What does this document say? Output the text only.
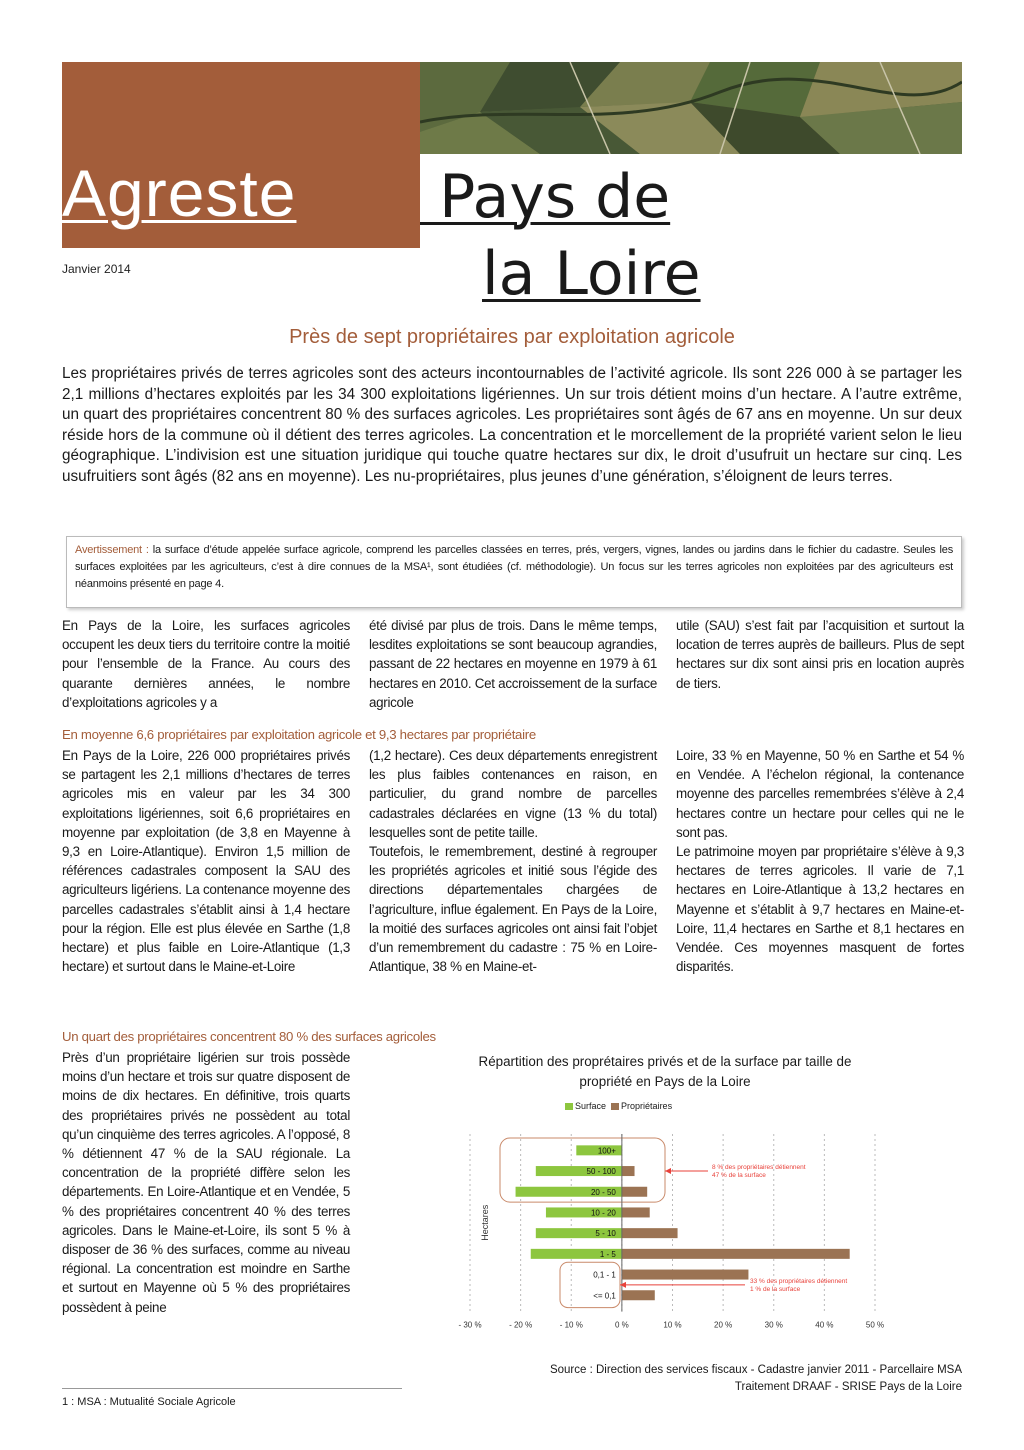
Agreste	Pays de
la Loire
Janvier 2014
Près de sept propriétaires par exploitation agricole
Les propriétaires privés de terres agricoles sont des acteurs incontournables de l’activité agricole. Ils sont 226 000 à se partager les 2,1 millions d’hectares exploités par les 34 300 exploitations ligériennes. Un sur trois détient moins d’un hectare. A l’autre extrême, un quart des propriétaires concentrent 80 % des surfaces agricoles. Les propriétaires sont âgés de 67 ans en moyenne. Un sur deux réside hors de la commune où il détient des terres agricoles. La concentration et le morcellement de la propriété varient selon le lieu géographique. L’indivision est une situation juridique qui touche quatre hectares sur dix, le droit d’usufruit un hectare sur cinq. Les usufruitiers sont âgés (82 ans en moyenne). Les nu-propriétaires, plus jeunes d’une génération, s’éloignent de leurs terres.
Avertissement : la surface d’étude appelée surface agricole, comprend les parcelles classées en terres, prés, vergers, vignes, landes ou jardins dans le fichier du cadastre. Seules les surfaces exploitées par les agriculteurs, c’est à dire connues de la MSA¹, sont étudiées (cf. méthodologie). Un focus sur les terres agricoles non exploitées par des agriculteurs est néanmoins présenté en page 4.
En Pays de la Loire, les surfaces agricoles occupent les deux tiers du territoire contre la moitié pour l’ensemble de la France. Au cours des quarante dernières années, le nombre d’exploitations agricoles y a
été divisé par plus de trois. Dans le même temps, lesdites exploitations se sont beaucoup agrandies, passant de 22 hectares en moyenne en 1979 à 61 hectares en 2010. Cet accroissement de la surface agricole
utile (SAU) s’est fait par l’acquisition et surtout la location de terres auprès de bailleurs. Plus de sept hectares sur dix sont ainsi pris en location auprès de tiers.
En moyenne 6,6 propriétaires par exploitation agricole et 9,3 hectares par propriétaire
En Pays de la Loire, 226 000 propriétaires privés se partagent les 2,1 millions d’hectares de terres agricoles mis en valeur par les 34 300 exploitations ligériennes, soit 6,6 propriétaires en moyenne par exploitation (de 3,8 en Mayenne à 9,3 en Loire-Atlantique). Environ 1,5 million de références cadastrales composent la SAU des agriculteurs ligériens. La contenance moyenne des parcelles cadastrales s’établit ainsi à 1,4 hectare pour la région. Elle est plus élevée en Sarthe (1,8 hectare) et plus faible en Loire-Atlantique (1,3 hectare) et surtout dans le Maine-et-Loire
(1,2 hectare). Ces deux départements enregistrent les plus faibles contenances en raison, en particulier, du grand nombre de parcelles cadastrales déclarées en vigne (13 % du total) lesquelles sont de petite taille.
Toutefois, le remembrement, destiné à regrouper les propriétés agricoles et initié sous l’égide des directions départementales chargées de l’agriculture, influe également. En Pays de la Loire, la moitié des surfaces agricoles ont ainsi fait l’objet d’un remembrement du cadastre : 75 % en Loire-Atlantique, 38 % en Maine-et-
Loire, 33 % en Mayenne, 50 % en Sarthe et 54 % en Vendée. A l’échelon régional, la contenance moyenne des parcelles remembrées s’élève à 2,4 hectares contre un hectare pour celles qui ne le sont pas.
Le patrimoine moyen par propriétaire s’élève à 9,3 hectares de terres agricoles. Il varie de 7,1 hectares en Loire-Atlantique à 13,2 hectares en Mayenne et s’établit à 9,7 hectares en Maine-et-Loire, 11,4 hectares en Sarthe et 8,1 hectares en Vendée. Ces moyennes masquent de fortes disparités.
Un quart des propriétaires concentrent 80 % des surfaces agricoles
Près d’un propriétaire ligérien sur trois possède moins d’un hectare et trois sur quatre disposent de moins de dix hectares. En définitive, trois quarts des propriétaires privés ne possèdent au total qu’un cinquième des terres agricoles. A l’opposé, 8 % détiennent 47 % de la SAU régionale. La concentration de la propriété diffère selon les départements. En Loire-Atlantique et en Vendée, 5 % des propriétaires concentrent 40 % des terres agricoles. Dans le Maine-et-Loire, ils sont 5 % à disposer de 36 % des surfaces, comme au niveau régional. La concentration est moindre en Sarthe et surtout en Mayenne où 5 % des propriétaires possèdent à peine
Répartition des proprétaires privés et de la surface par taille de propriété en Pays de la Loire
Surface Propriétaires
- 30 %	- 20 %	- 10 %	0 %	10 %	20 %	30 %	40 %	50 %
Hectares
100+
50 - 100
20 - 50
10 - 20
5 - 10
1 - 5
0,1 - 1
<= 0,1
8 % des propriétaires détiennent 47 % de la surface
33 % des propriétaires détiennent 1 % de la surface
Source : Direction des services fiscaux - Cadastre janvier 2011 - Parcellaire MSA
Traitement DRAAF - SRISE Pays de la Loire
1 : MSA : Mutualité Sociale Agricole
